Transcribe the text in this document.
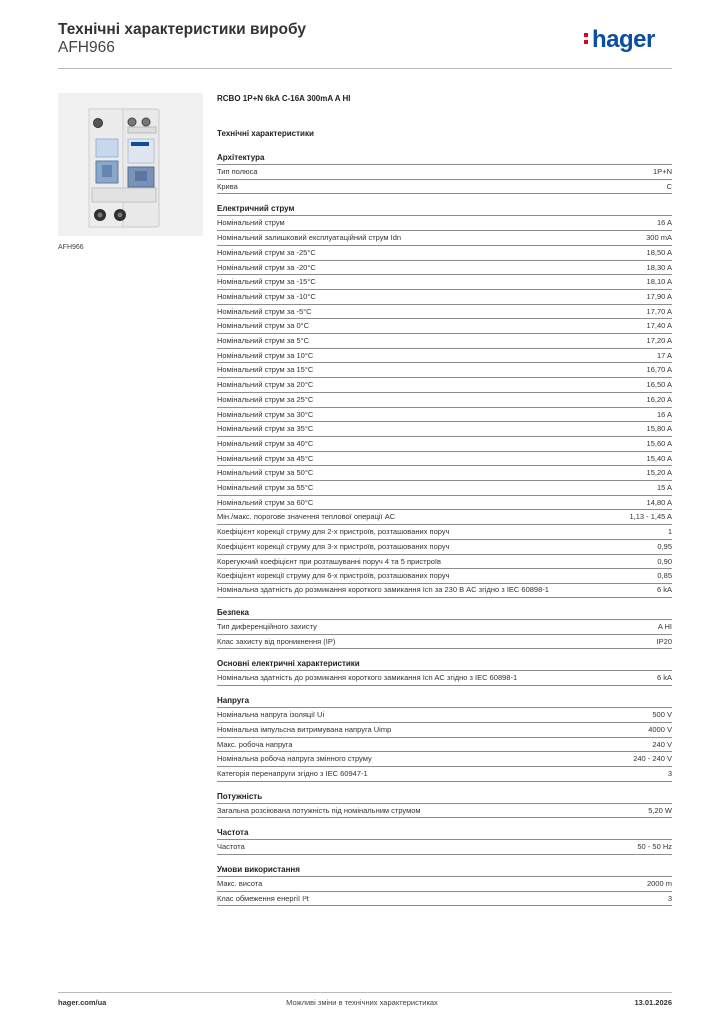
Технічні характеристики виробу
AFH966	hager
AFH966
RCBO 1P+N 6kA C-16A 300mA A HI
Технічні характеристики
Архітектура
Тип полюса	1P+N
Крива	C
Електричний струм
Номінальний струм	16 A
Номінальний залишковий експлуатаційний струм Idn	300 mA
Номінальний струм за -25°C	18,50 A
Номінальний струм за -20°C	18,30 A
Номінальний струм за -15°C	18,10 A
Номінальний струм за -10°C	17,90 A
Номінальний струм за -5°C	17,70 A
Номінальний струм за 0°C	17,40 A
Номінальний струм за 5°C	17,20 A
Номінальний струм за 10°C	17 A
Номінальний струм за 15°C	16,70 A
Номінальний струм за 20°C	16,50 A
Номінальний струм за 25°C	16,20 A
Номінальний струм за 30°C	16 A
Номінальний струм за 35°C	15,80 A
Номінальний струм за 40°C	15,60 A
Номінальний струм за 45°C	15,40 A
Номінальний струм за 50°C	15,20 A
Номінальний струм за 55°C	15 A
Номінальний струм за 60°C	14,80 A
Мін./макс. порогове значення теплової операції AC	1,13 - 1,45 A
Коефіцієнт корекції струму для 2-х пристроїв, розташованих поруч	1
Коефіцієнт корекції струму для 3-х пристроїв, розташованих поруч	0,95
Корегуючий коефіцієнт при розташуванні поруч 4 та 5 пристроїв	0,90
Коефіцієнт корекції струму для 6-х пристроїв, розташованих поруч	0,85
Номінальна здатність до розмикання короткого замикання Icn за 230 В AC згідно з IEC 60898-1	6 kA
Безпека
Тип диференційного захисту	A HI
Клас захисту від проникнення (IP)	IP20
Основні електричні характеристики
Номінальна здатність до розмикання короткого замикання Icn AC згідно з IEC 60898-1	6 kA
Напруга
Номінальна напруга ізоляції Ui	500 V
Номінальна імпульсна витримувана напруга Uimp	4000 V
Макс. робоча напруга	240 V
Номінальна робоча напруга змінного струму	240 - 240 V
Категорія перенапруги згідно з IEC 60947-1	3
Потужність
Загальна розсіювана потужність під номінальним струмом	5,20 W
Частота
Частота	50 - 50 Hz
Умови використання
Макс. висота	2000 m
Клас обмеження енергії I²t	3
hager.com/ua	Можливі зміни в технічних характеристиках	13.01.2026
